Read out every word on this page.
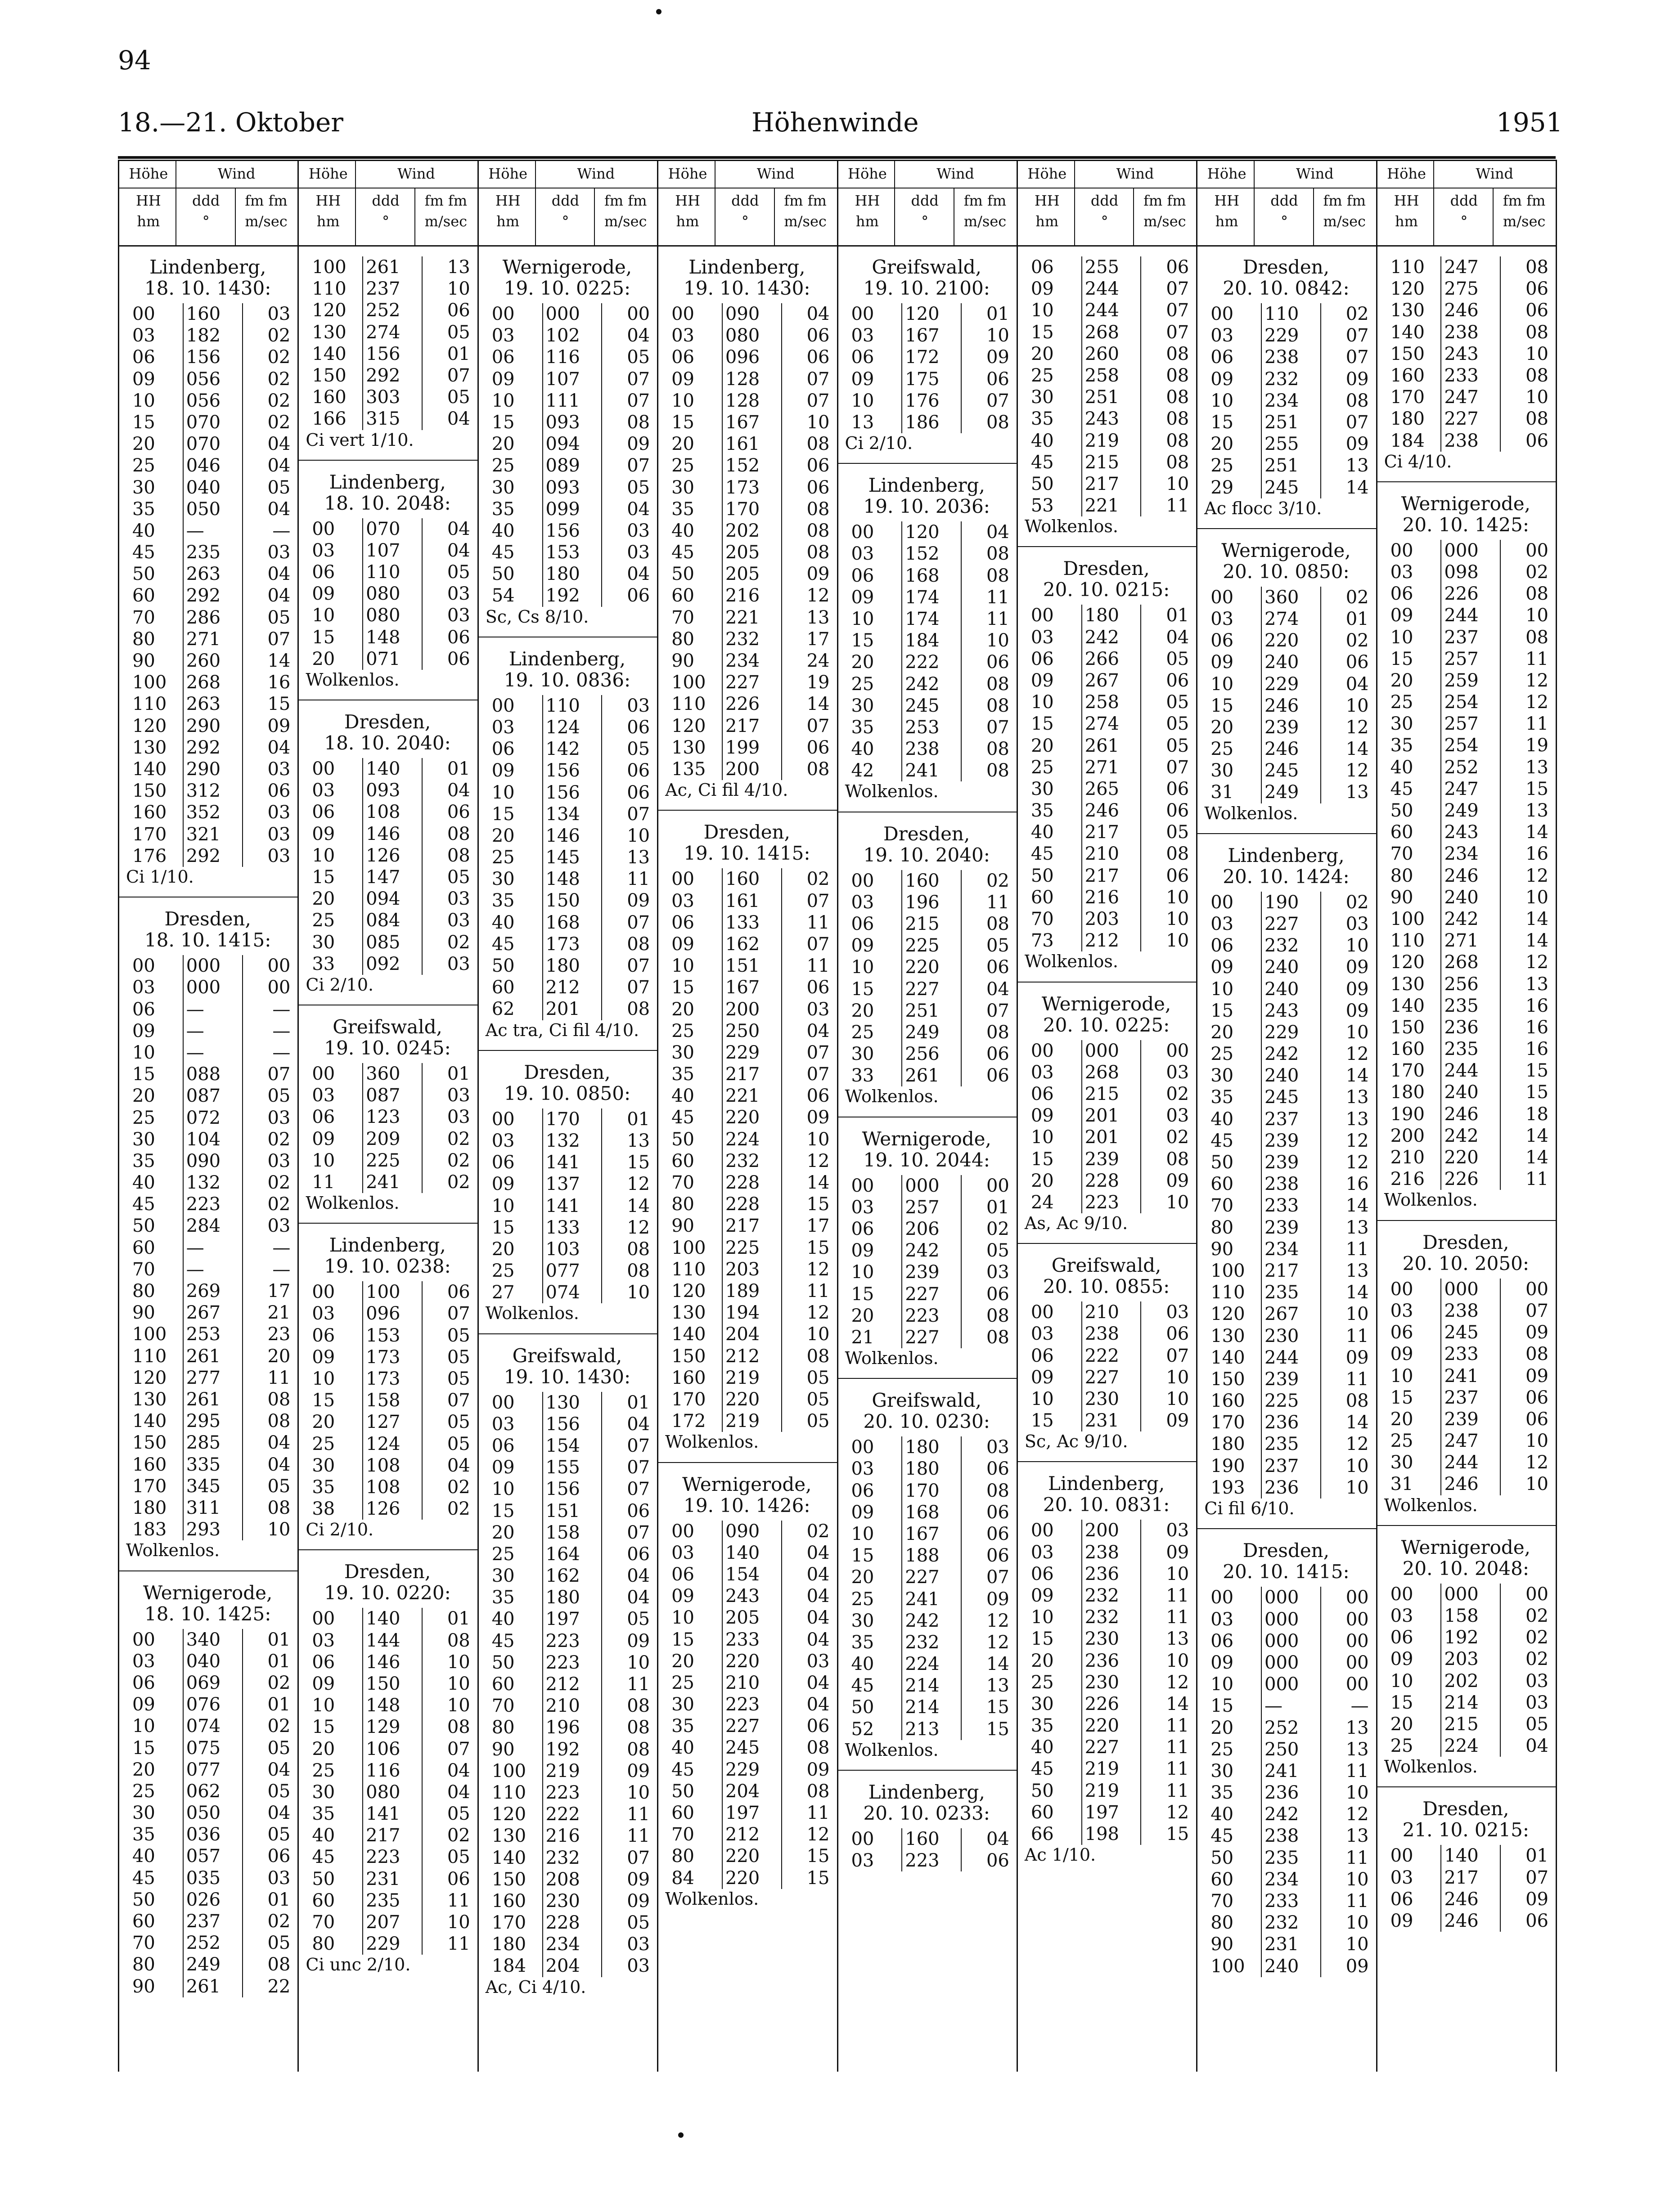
94
18.—21. Oktober	Höhenwinde	1951
Höhe	Wind
HH
hm
ddd
°
fm fm
m/sec
Lindenberg,
18. 10. 1430:
00	160	03
03	182	02
06	156	02
09	056	02
10	056	02
15	070	02
20	070	04
25	046	04
30	040	05
35	050	04
40	—	—
45	235	03
50	263	04
60	292	04
70	286	05
80	271	07
90	260	14
100	268	16
110	263	15
120	290	09
130	292	04
140	290	03
150	312	06
160	352	03
170	321	03
176	292	03
Ci 1/10.
Dresden,
18. 10. 1415:
00	000	00
03	000	00
06	—	—
09	—	—
10	—	—
15	088	07
20	087	05
25	072	03
30	104	02
35	090	03
40	132	02
45	223	02
50	284	03
60	—	—
70	—	—
80	269	17
90	267	21
100	253	23
110	261	20
120	277	11
130	261	08
140	295	08
150	285	04
160	335	04
170	345	05
180	311	08
183	293	10
Wolkenlos.
Wernigerode,
18. 10. 1425:
00	340	01
03	040	01
06	069	02
09	076	01
10	074	02
15	075	05
20	077	04
25	062	05
30	050	04
35	036	05
40	057	06
45	035	03
50	026	01
60	237	02
70	252	05
80	249	08
90	261	22
Höhe	Wind
HH
hm
ddd
°
fm fm
m/sec
100	261	13
110	237	10
120	252	06
130	274	05
140	156	01
150	292	07
160	303	05
166	315	04
Ci vert 1/10.
Lindenberg,
18. 10. 2048:
00	070	04
03	107	04
06	110	05
09	080	03
10	080	03
15	148	06
20	071	06
Wolkenlos.
Dresden,
18. 10. 2040:
00	140	01
03	093	04
06	108	06
09	146	08
10	126	08
15	147	05
20	094	03
25	084	03
30	085	02
33	092	03
Ci 2/10.
Greifswald,
19. 10. 0245:
00	360	01
03	087	03
06	123	03
09	209	02
10	225	02
11	241	02
Wolkenlos.
Lindenberg,
19. 10. 0238:
00	100	06
03	096	07
06	153	05
09	173	05
10	173	05
15	158	07
20	127	05
25	124	05
30	108	04
35	108	02
38	126	02
Ci 2/10.
Dresden,
19. 10. 0220:
00	140	01
03	144	08
06	146	10
09	150	10
10	148	10
15	129	08
20	106	07
25	116	04
30	080	04
35	141	05
40	217	02
45	223	05
50	231	06
60	235	11
70	207	10
80	229	11
Ci unc 2/10.
Höhe	Wind
HH
hm
ddd
°
fm fm
m/sec
Wernigerode,
19. 10. 0225:
00	000	00
03	102	04
06	116	05
09	107	07
10	111	07
15	093	08
20	094	09
25	089	07
30	093	05
35	099	04
40	156	03
45	153	03
50	180	04
54	192	06
Sc, Cs 8/10.
Lindenberg,
19. 10. 0836:
00	110	03
03	124	06
06	142	05
09	156	06
10	156	06
15	134	07
20	146	10
25	145	13
30	148	11
35	150	09
40	168	07
45	173	08
50	180	07
60	212	07
62	201	08
Ac tra, Ci fil 4/10.
Dresden,
19. 10. 0850:
00	170	01
03	132	13
06	141	15
09	137	12
10	141	14
15	133	12
20	103	08
25	077	08
27	074	10
Wolkenlos.
Greifswald,
19. 10. 1430:
00	130	01
03	156	04
06	154	07
09	155	07
10	156	07
15	151	06
20	158	07
25	164	06
30	162	04
35	180	04
40	197	05
45	223	09
50	223	10
60	212	11
70	210	08
80	196	08
90	192	08
100	219	09
110	223	10
120	222	11
130	216	11
140	232	07
150	208	09
160	230	09
170	228	05
180	234	03
184	204	03
Ac, Ci 4/10.
Höhe	Wind
HH
hm
ddd
°
fm fm
m/sec
Lindenberg,
19. 10. 1430:
00	090	04
03	080	06
06	096	06
09	128	07
10	128	07
15	167	10
20	161	08
25	152	06
30	173	06
35	170	08
40	202	08
45	205	08
50	205	09
60	216	12
70	221	13
80	232	17
90	234	24
100	227	19
110	226	14
120	217	07
130	199	06
135	200	08
Ac, Ci fil 4/10.
Dresden,
19. 10. 1415:
00	160	02
03	161	07
06	133	11
09	162	07
10	151	11
15	167	06
20	200	03
25	250	04
30	229	07
35	217	07
40	221	06
45	220	09
50	224	10
60	232	12
70	228	14
80	228	15
90	217	17
100	225	15
110	203	12
120	189	11
130	194	12
140	204	10
150	212	08
160	219	05
170	220	05
172	219	05
Wolkenlos.
Wernigerode,
19. 10. 1426:
00	090	02
03	140	04
06	154	04
09	243	04
10	205	04
15	233	04
20	220	03
25	210	04
30	223	04
35	227	06
40	245	08
45	229	09
50	204	08
60	197	11
70	212	12
80	220	15
84	220	15
Wolkenlos.
Höhe	Wind
HH
hm
ddd
°
fm fm
m/sec
Greifswald,
19. 10. 2100:
00	120	01
03	167	10
06	172	09
09	175	06
10	176	07
13	186	08
Ci 2/10.
Lindenberg,
19. 10. 2036:
00	120	04
03	152	08
06	168	08
09	174	11
10	174	11
15	184	10
20	222	06
25	242	08
30	245	08
35	253	07
40	238	08
42	241	08
Wolkenlos.
Dresden,
19. 10. 2040:
00	160	02
03	196	11
06	215	08
09	225	05
10	220	06
15	227	04
20	251	07
25	249	08
30	256	06
33	261	06
Wolkenlos.
Wernigerode,
19. 10. 2044:
00	000	00
03	257	01
06	206	02
09	242	05
10	239	03
15	227	06
20	223	08
21	227	08
Wolkenlos.
Greifswald,
20. 10. 0230:
00	180	03
03	180	06
06	170	08
09	168	06
10	167	06
15	188	06
20	227	07
25	241	09
30	242	12
35	232	12
40	224	14
45	214	13
50	214	15
52	213	15
Wolkenlos.
Lindenberg,
20. 10. 0233:
00	160	04
03	223	06
Höhe	Wind
HH
hm
ddd
°
fm fm
m/sec
06	255	06
09	244	07
10	244	07
15	268	07
20	260	08
25	258	08
30	251	08
35	243	08
40	219	08
45	215	08
50	217	10
53	221	11
Wolkenlos.
Dresden,
20. 10. 0215:
00	180	01
03	242	04
06	266	05
09	267	06
10	258	05
15	274	05
20	261	05
25	271	07
30	265	06
35	246	06
40	217	05
45	210	08
50	217	06
60	216	10
70	203	10
73	212	10
Wolkenlos.
Wernigerode,
20. 10. 0225:
00	000	00
03	268	03
06	215	02
09	201	03
10	201	02
15	239	08
20	228	09
24	223	10
As, Ac 9/10.
Greifswald,
20. 10. 0855:
00	210	03
03	238	06
06	222	07
09	227	10
10	230	10
15	231	09
Sc, Ac 9/10.
Lindenberg,
20. 10. 0831:
00	200	03
03	238	09
06	236	10
09	232	11
10	232	11
15	230	13
20	236	10
25	230	12
30	226	14
35	220	11
40	227	11
45	219	11
50	219	11
60	197	12
66	198	15
Ac 1/10.
Höhe	Wind
HH
hm
ddd
°
fm fm
m/sec
Dresden,
20. 10. 0842:
00	110	02
03	229	07
06	238	07
09	232	09
10	234	08
15	251	07
20	255	09
25	251	13
29	245	14
Ac flocc 3/10.
Wernigerode,
20. 10. 0850:
00	360	02
03	274	01
06	220	02
09	240	06
10	229	04
15	246	10
20	239	12
25	246	14
30	245	12
31	249	13
Wolkenlos.
Lindenberg,
20. 10. 1424:
00	190	02
03	227	03
06	232	10
09	240	09
10	240	09
15	243	09
20	229	10
25	242	12
30	240	14
35	245	13
40	237	13
45	239	12
50	239	12
60	238	16
70	233	14
80	239	13
90	234	11
100	217	13
110	235	14
120	267	10
130	230	11
140	244	09
150	239	11
160	225	08
170	236	14
180	235	12
190	237	10
193	236	10
Ci fil 6/10.
Dresden,
20. 10. 1415:
00	000	00
03	000	00
06	000	00
09	000	00
10	000	00
15	—	—
20	252	13
25	250	13
30	241	11
35	236	10
40	242	12
45	238	13
50	235	11
60	234	10
70	233	11
80	232	10
90	231	10
100	240	09
Höhe	Wind
HH
hm
ddd
°
fm fm
m/sec
110	247	08
120	275	06
130	246	06
140	238	08
150	243	10
160	233	08
170	247	10
180	227	08
184	238	06
Ci 4/10.
Wernigerode,
20. 10. 1425:
00	000	00
03	098	02
06	226	08
09	244	10
10	237	08
15	257	11
20	259	12
25	254	12
30	257	11
35	254	19
40	252	13
45	247	15
50	249	13
60	243	14
70	234	16
80	246	12
90	240	10
100	242	14
110	271	14
120	268	12
130	256	13
140	235	16
150	236	16
160	235	16
170	244	15
180	240	15
190	246	18
200	242	14
210	220	14
216	226	11
Wolkenlos.
Dresden,
20. 10. 2050:
00	000	00
03	238	07
06	245	09
09	233	08
10	241	09
15	237	06
20	239	06
25	247	10
30	244	12
31	246	10
Wolkenlos.
Wernigerode,
20. 10. 2048:
00	000	00
03	158	02
06	192	02
09	203	02
10	202	03
15	214	03
20	215	05
25	224	04
Wolkenlos.
Dresden,
21. 10. 0215:
00	140	01
03	217	07
06	246	09
09	246	06
